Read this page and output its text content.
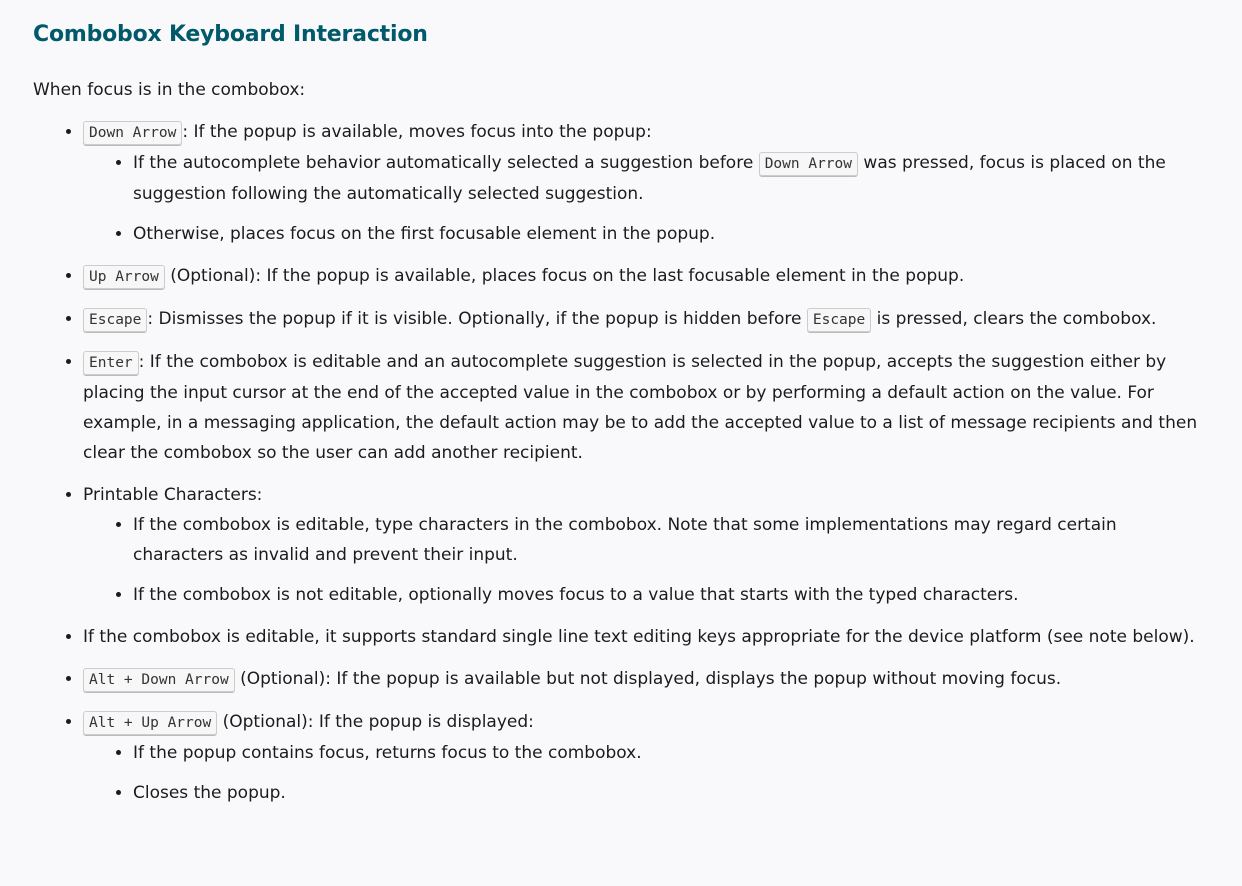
Combobox Keyboard Interaction

When focus is in the combobox:

• Down Arrow : If the popup is available, moves focus into the popup:
• If the autocomplete behavior automatically selected a suggestion before Down Arrow was pressed, focus is placed on the suggestion following the automatically selected suggestion.
• Otherwise, places focus on the first focusable element in the popup.
• Up Arrow (Optional): If the popup is available, places focus on the last focusable element in the popup.
• Escape : Dismisses the popup if it is visible. Optionally, if the popup is hidden before Escape is pressed, clears the combobox.
• Enter : If the combobox is editable and an autocomplete suggestion is selected in the popup, accepts the suggestion either by placing the input cursor at the end of the accepted value in the combobox or by performing a default action on the value. For example, in a messaging application, the default action may be to add the accepted value to a list of message recipients and then clear the combobox so the user can add another recipient.
• Printable Characters:
• If the combobox is editable, type characters in the combobox. Note that some implementations may regard certain characters as invalid and prevent their input.
• If the combobox is not editable, optionally moves focus to a value that starts with the typed characters.
• If the combobox is editable, it supports standard single line text editing keys appropriate for the device platform (see note below).
• Alt + Down Arrow (Optional): If the popup is available but not displayed, displays the popup without moving focus.
• Alt + Up Arrow (Optional): If the popup is displayed:
• If the popup contains focus, returns focus to the combobox.
• Closes the popup.
